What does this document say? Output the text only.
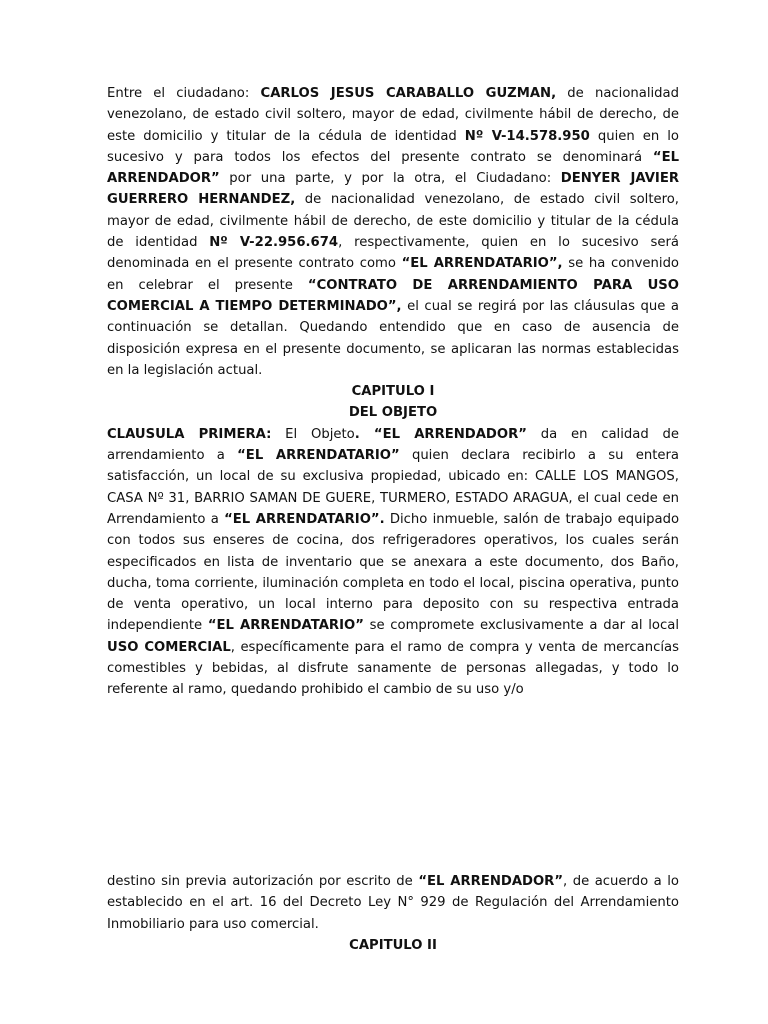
Entre el ciudadano: CARLOS JESUS CARABALLO GUZMAN, de nacionalidad venezolano, de estado civil soltero, mayor de edad, civilmente hábil de derecho, de este domicilio y titular de la cédula de identidad Nº V-14.578.950 quien en lo sucesivo y para todos los efectos del presente contrato se denominará “EL ARRENDADOR” por una parte, y por la otra, el Ciudadano: DENYER JAVIER GUERRERO HERNANDEZ, de nacionalidad venezolano, de estado civil soltero, mayor de edad, civilmente hábil de derecho, de este domicilio y titular de la cédula de identidad Nº V-22.956.674, respectivamente, quien en lo sucesivo será denominada en el presente contrato como “EL ARRENDATARIO”, se ha convenido en celebrar el presente “CONTRATO DE ARRENDAMIENTO PARA USO COMERCIAL A TIEMPO DETERMINADO”, el cual se regirá por las cláusulas que a continuación se detallan. Quedando entendido que en caso de ausencia de disposición expresa en el presente documento, se aplicaran las normas establecidas en la legislación actual.

CAPITULO I

DEL OBJETO

CLAUSULA PRIMERA: El Objeto. “EL ARRENDADOR” da en calidad de arrendamiento a “EL ARRENDATARIO” quien declara recibirlo a su entera satisfacción, un local de su exclusiva propiedad, ubicado en: CALLE LOS MANGOS, CASA Nº 31, BARRIO SAMAN DE GUERE, TURMERO, ESTADO ARAGUA, el cual cede en Arrendamiento a “EL ARRENDATARIO”. Dicho inmueble, salón de trabajo equipado con todos sus enseres de cocina, dos refrigeradores operativos, los cuales serán especificados en lista de inventario que se anexara a este documento, dos Baño, ducha, toma corriente, iluminación completa en todo el local, piscina operativa, punto de venta operativo, un local interno para deposito con su respectiva entrada independiente “EL ARRENDATARIO” se compromete exclusivamente a dar al local USO COMERCIAL, específicamente para el ramo de compra y venta de mercancías comestibles y bebidas, al disfrute sanamente de personas allegadas, y todo lo referente al ramo, quedando prohibido el cambio de su uso y/o

destino sin previa autorización por escrito de “EL ARRENDADOR”, de acuerdo a lo establecido en el art. 16 del Decreto Ley N° 929 de Regulación del Arrendamiento Inmobiliario para uso comercial.

CAPITULO II
